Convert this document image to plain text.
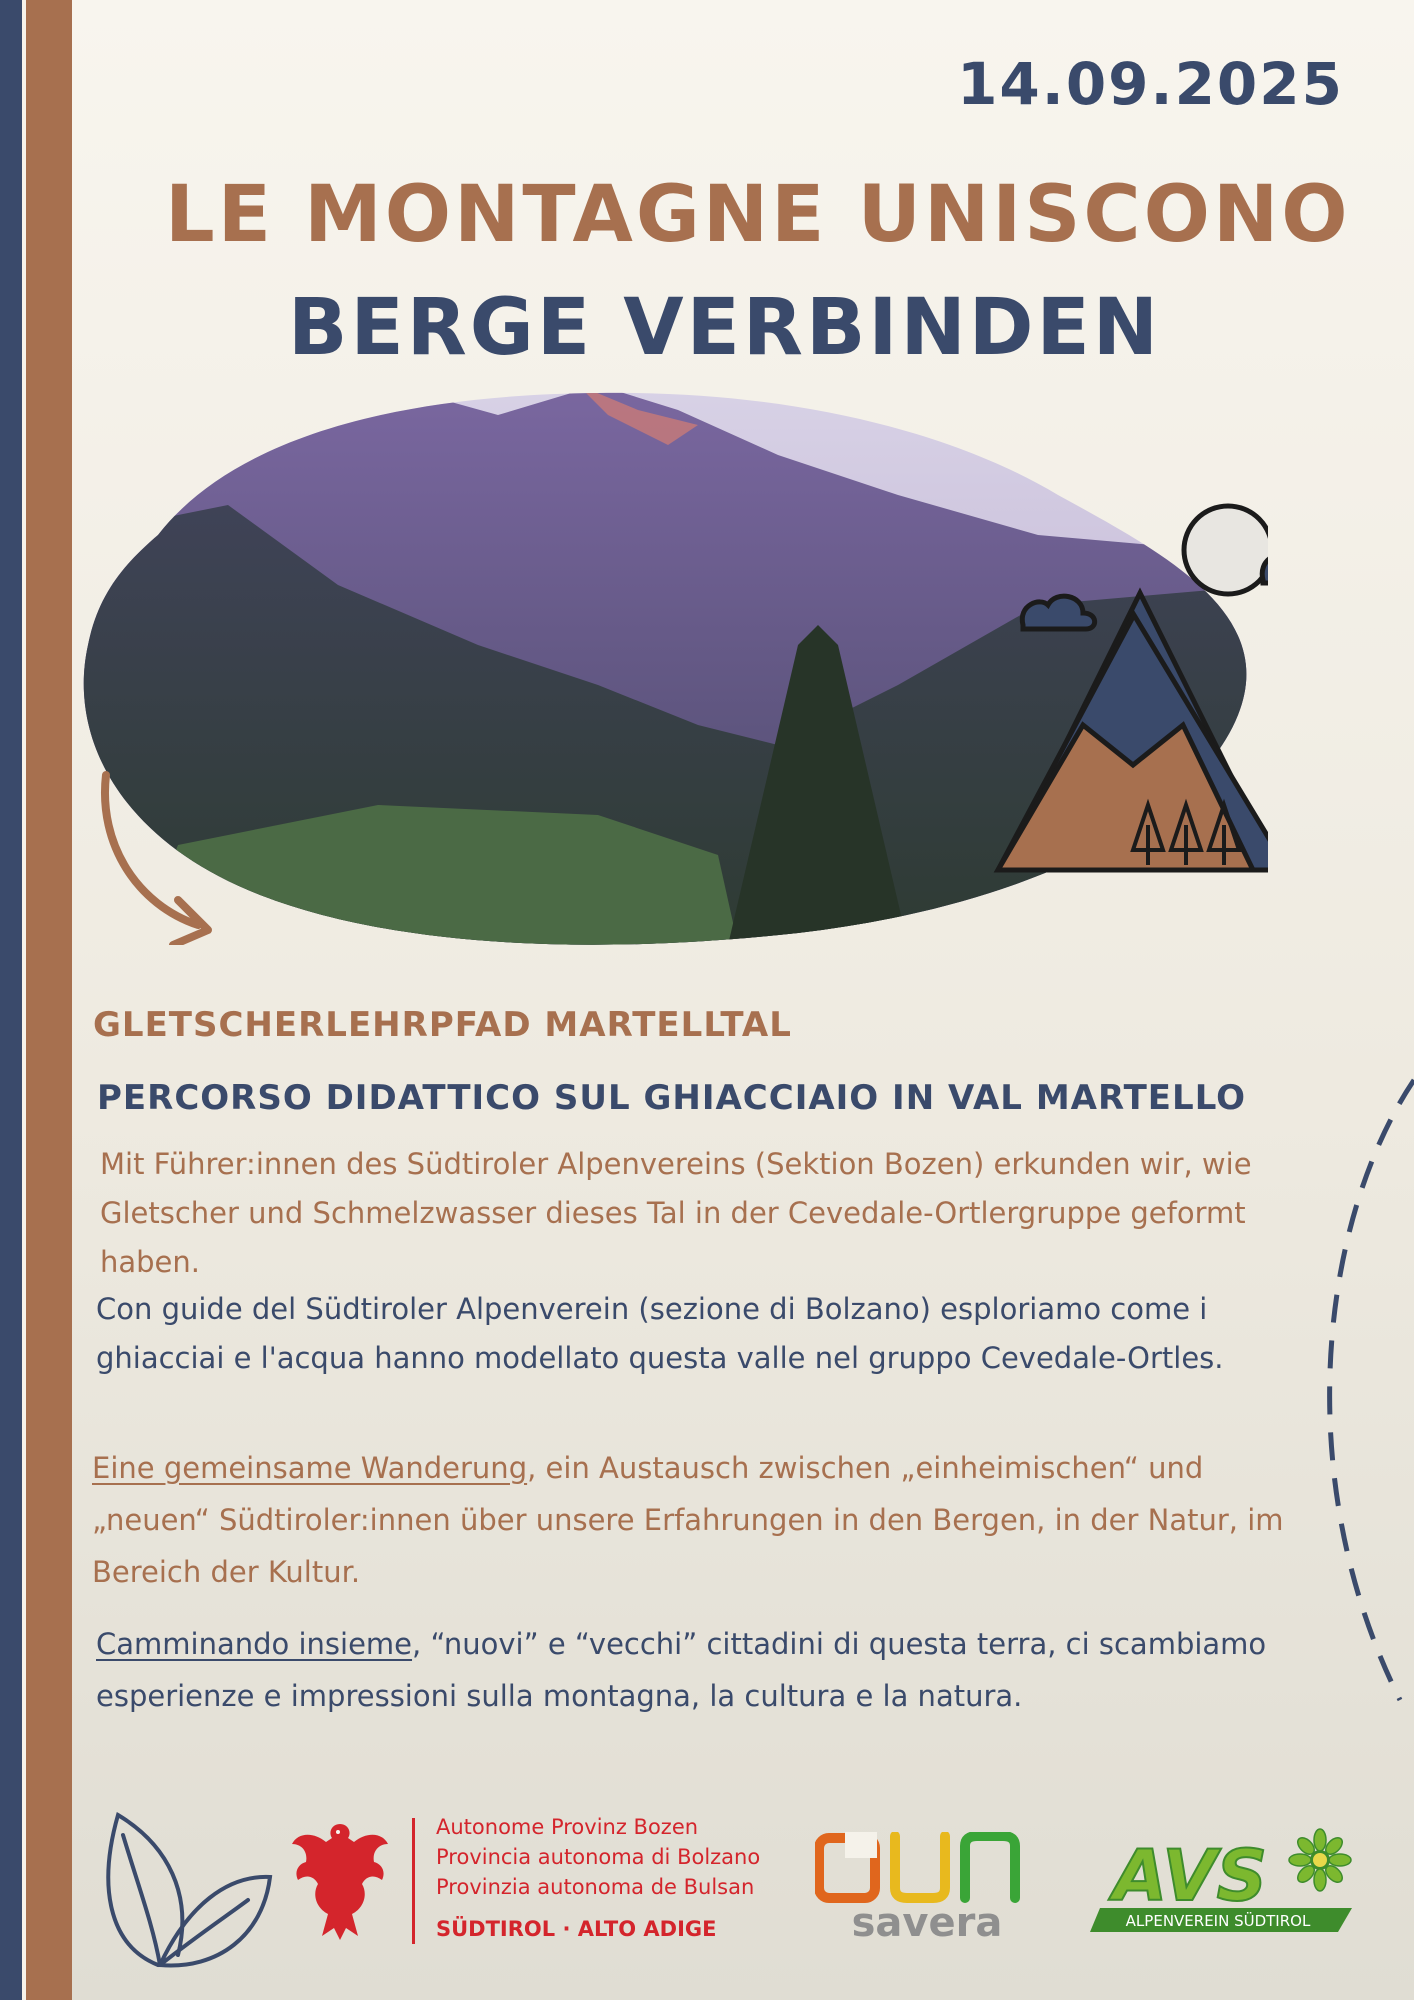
14.09.2025
LE MONTAGNE UNISCONO
BERGE VERBINDEN
GLETSCHERLEHRPFAD MARTELLTAL
PERCORSO DIDATTICO SUL GHIACCIAIO IN VAL MARTELLO
Mit Führer:innen des Südtiroler Alpenvereins (Sektion Bozen) erkunden wir, wie Gletscher und Schmelzwasser dieses Tal in der Cevedale-Ortlergruppe geformt haben.
Con guide del Südtiroler Alpenverein (sezione di Bolzano) esploriamo come i ghiacciai e l'acqua hanno modellato questa valle nel gruppo Cevedale-Ortles.
Eine gemeinsame Wanderung, ein Austausch zwischen „einheimischen“ und „neuen“ Südtiroler:innen über unsere Erfahrungen in den Bergen, in der Natur, im Bereich der Kultur.
Camminando insieme, “nuovi” e “vecchi” cittadini di questa terra, ci scambiamo esperienze e impressioni sulla montagna, la cultura e la natura.
Autonome Provinz Bozen
Provincia autonoma di Bolzano
Provinzia autonoma de Bulsan
SÜDTIROL · ALTO ADIGE	savera	ALPENVEREIN SÜDTIROL
AVS
